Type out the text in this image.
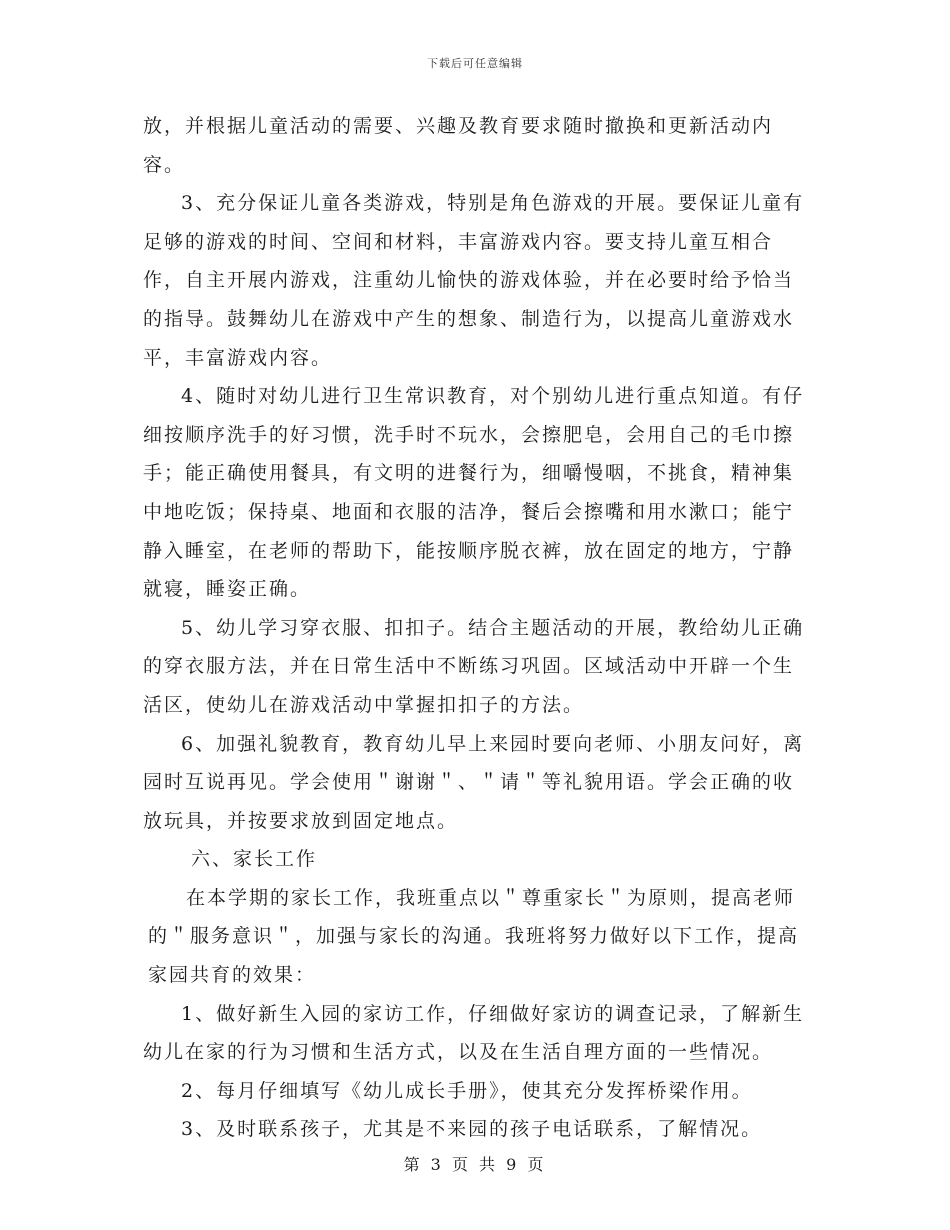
下载后可任意编辑

放，并根据儿童活动的需要、兴趣及教育要求随时撤换和更新活动内容。

3、充分保证儿童各类游戏，特别是角色游戏的开展。要保证儿童有足够的游戏的时间、空间和材料，丰富游戏内容。要支持儿童互相合作，自主开展内游戏，注重幼儿愉快的游戏体验，并在必要时给予恰当的指导。鼓舞幼儿在游戏中产生的想象、制造行为，以提高儿童游戏水平，丰富游戏内容。

4、随时对幼儿进行卫生常识教育，对个别幼儿进行重点知道。有仔细按顺序洗手的好习惯，洗手时不玩水，会擦肥皂，会用自己的毛巾擦手；能正确使用餐具，有文明的进餐行为，细嚼慢咽，不挑食，精神集中地吃饭；保持桌、地面和衣服的洁净，餐后会擦嘴和用水漱口；能宁静入睡室，在老师的帮助下，能按顺序脱衣裤，放在固定的地方，宁静就寝，睡姿正确。

5、幼儿学习穿衣服、扣扣子。结合主题活动的开展，教给幼儿正确的穿衣服方法，并在日常生活中不断练习巩固。区域活动中开辟一个生活区，使幼儿在游戏活动中掌握扣扣子的方法。

6、加强礼貌教育，教育幼儿早上来园时要向老师、小朋友问好，离园时互说再见。学会使用＂谢谢＂、＂请＂等礼貌用语。学会正确的收放玩具，并按要求放到固定地点。

六、家长工作

在本学期的家长工作，我班重点以＂尊重家长＂为原则，提高老师的＂服务意识＂，加强与家长的沟通。我班将努力做好以下工作，提高家园共育的效果：

1、做好新生入园的家访工作，仔细做好家访的调查记录，了解新生幼儿在家的行为习惯和生活方式，以及在生活自理方面的一些情况。

2、每月仔细填写《幼儿成长手册》，使其充分发挥桥梁作用。

3、及时联系孩子，尤其是不来园的孩子电话联系，了解情况。

第 3 页 共 9 页
